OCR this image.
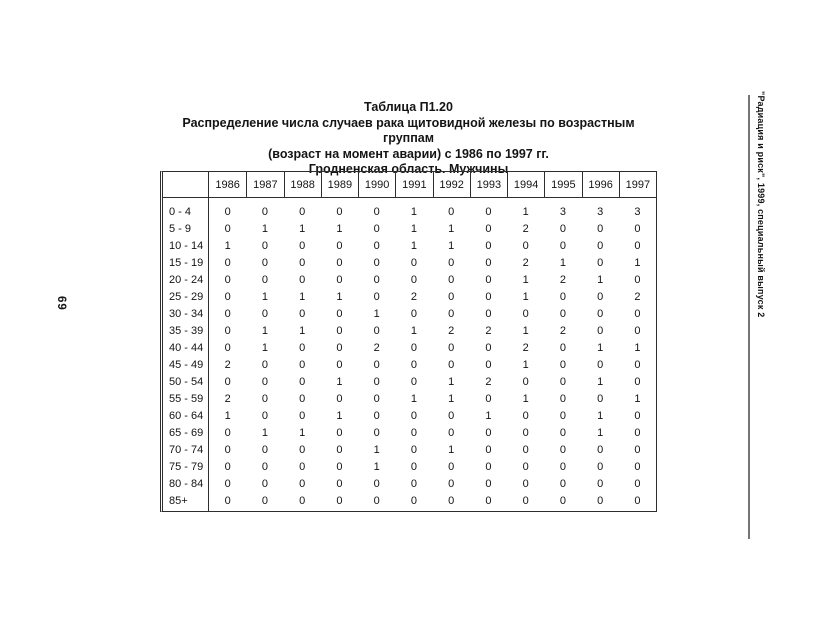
69	"Радиация и риск", 1999, специальный выпуск 2
Таблица П1.20
Распределение числа случаев рака щитовидной железы по возрастным группам
(возраст на момент аварии) с 1986 по 1997 гг.
Гродненская область. Мужчины
	1986	1987	1988	1989	1990	1991	1992	1993	1994	1995	1996	1997
0 - 4	0	0	0	0	0	1	0	0	1	3	3	3
5 - 9	0	1	1	1	0	1	1	0	2	0	0	0
10 - 14	1	0	0	0	0	1	1	0	0	0	0	0
15 - 19	0	0	0	0	0	0	0	0	2	1	0	1
20 - 24	0	0	0	0	0	0	0	0	1	2	1	0
25 - 29	0	1	1	1	0	2	0	0	1	0	0	2
30 - 34	0	0	0	0	1	0	0	0	0	0	0	0
35 - 39	0	1	1	0	0	1	2	2	1	2	0	0
40 - 44	0	1	0	0	2	0	0	0	2	0	1	1
45 - 49	2	0	0	0	0	0	0	0	1	0	0	0
50 - 54	0	0	0	1	0	0	1	2	0	0	1	0
55 - 59	2	0	0	0	0	1	1	0	1	0	0	1
60 - 64	1	0	0	1	0	0	0	1	0	0	1	0
65 - 69	0	1	1	0	0	0	0	0	0	0	1	0
70 - 74	0	0	0	0	1	0	1	0	0	0	0	0
75 - 79	0	0	0	0	1	0	0	0	0	0	0	0
80 - 84	0	0	0	0	0	0	0	0	0	0	0	0
85+	0	0	0	0	0	0	0	0	0	0	0	0
